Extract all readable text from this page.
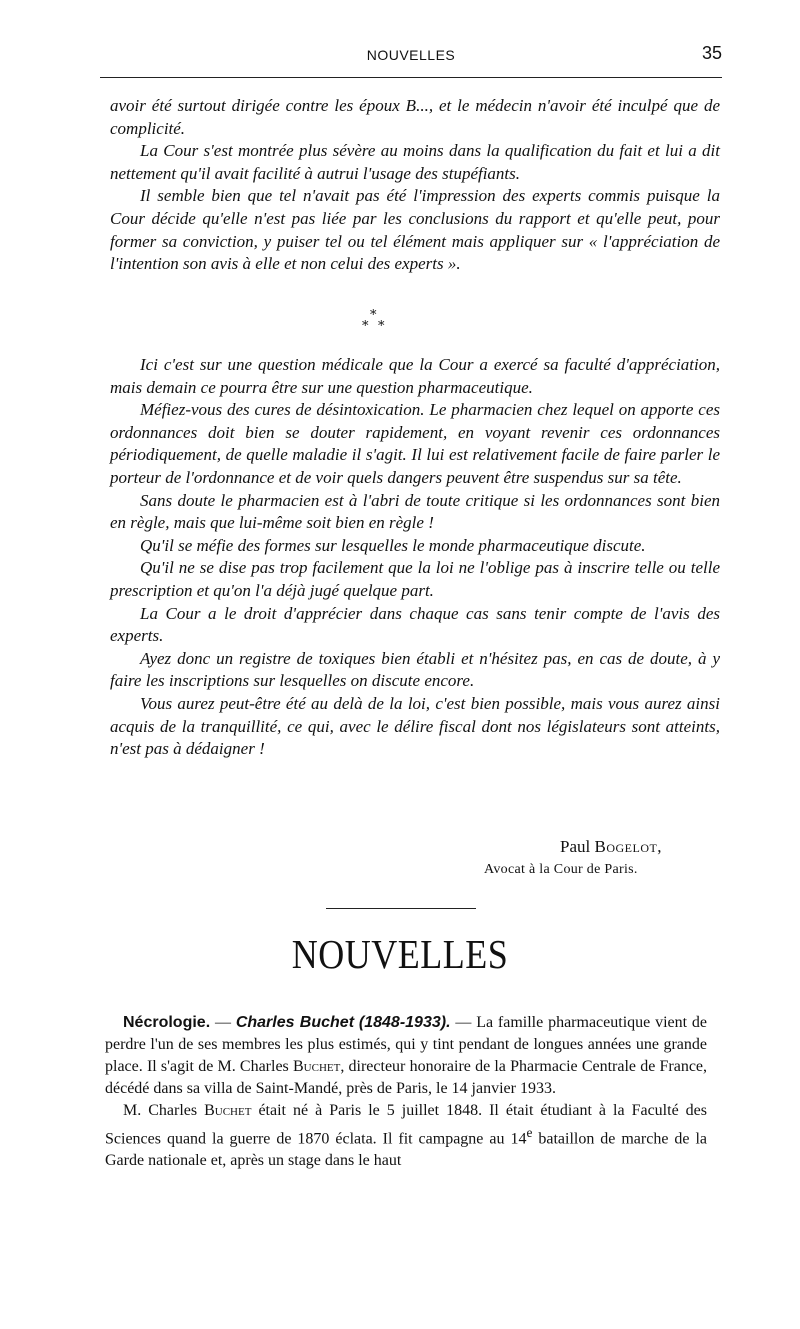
NOUVELLES	35

avoir été surtout dirigée contre les époux B..., et le médecin n'avoir été inculpé que de complicité.

La Cour s'est montrée plus sévère au moins dans la qualification du fait et lui a dit nettement qu'il avait facilité à autrui l'usage des stupéfiants.

Il semble bien que tel n'avait pas été l'impression des experts commis puisque la Cour décide qu'elle n'est pas liée par les conclusions du rapport et qu'elle peut, pour former sa conviction, y puiser tel ou tel élément mais appliquer sur « l'appréciation de l'intention son avis à elle et non celui des experts ».

*
* *

Ici c'est sur une question médicale que la Cour a exercé sa faculté d'appréciation, mais demain ce pourra être sur une question pharmaceutique.

Méfiez-vous des cures de désintoxication. Le pharmacien chez lequel on apporte ces ordonnances doit bien se douter rapidement, en voyant revenir ces ordonnances périodiquement, de quelle maladie il s'agit. Il lui est relativement facile de faire parler le porteur de l'ordonnance et de voir quels dangers peuvent être suspendus sur sa tête.

Sans doute le pharmacien est à l'abri de toute critique si les ordonnances sont bien en règle, mais que lui-même soit bien en règle !

Qu'il se méfie des formes sur lesquelles le monde pharmaceutique discute.

Qu'il ne se dise pas trop facilement que la loi ne l'oblige pas à inscrire telle ou telle prescription et qu'on l'a déjà jugé quelque part.

La Cour a le droit d'apprécier dans chaque cas sans tenir compte de l'avis des experts.

Ayez donc un registre de toxiques bien établi et n'hésitez pas, en cas de doute, à y faire les inscriptions sur lesquelles on discute encore.

Vous aurez peut-être été au delà de la loi, c'est bien possible, mais vous aurez ainsi acquis de la tranquillité, ce qui, avec le délire fiscal dont nos législateurs sont atteints, n'est pas à dédaigner !

Paul Bogelot,
Avocat à la Cour de Paris.
NOUVELLES

Nécrologie. — Charles Buchet (1848-1933). — La famille pharmaceutique vient de perdre l'un de ses membres les plus estimés, qui y tint pendant de longues années une grande place. Il s'agit de M. Charles Buchet, directeur honoraire de la Pharmacie Centrale de France, décédé dans sa villa de Saint-Mandé, près de Paris, le 14 janvier 1933.

M. Charles Buchet était né à Paris le 5 juillet 1848. Il était étudiant à la Faculté des Sciences quand la guerre de 1870 éclata. Il fit campagne au 14e bataillon de marche de la Garde nationale et, après un stage dans le haut
